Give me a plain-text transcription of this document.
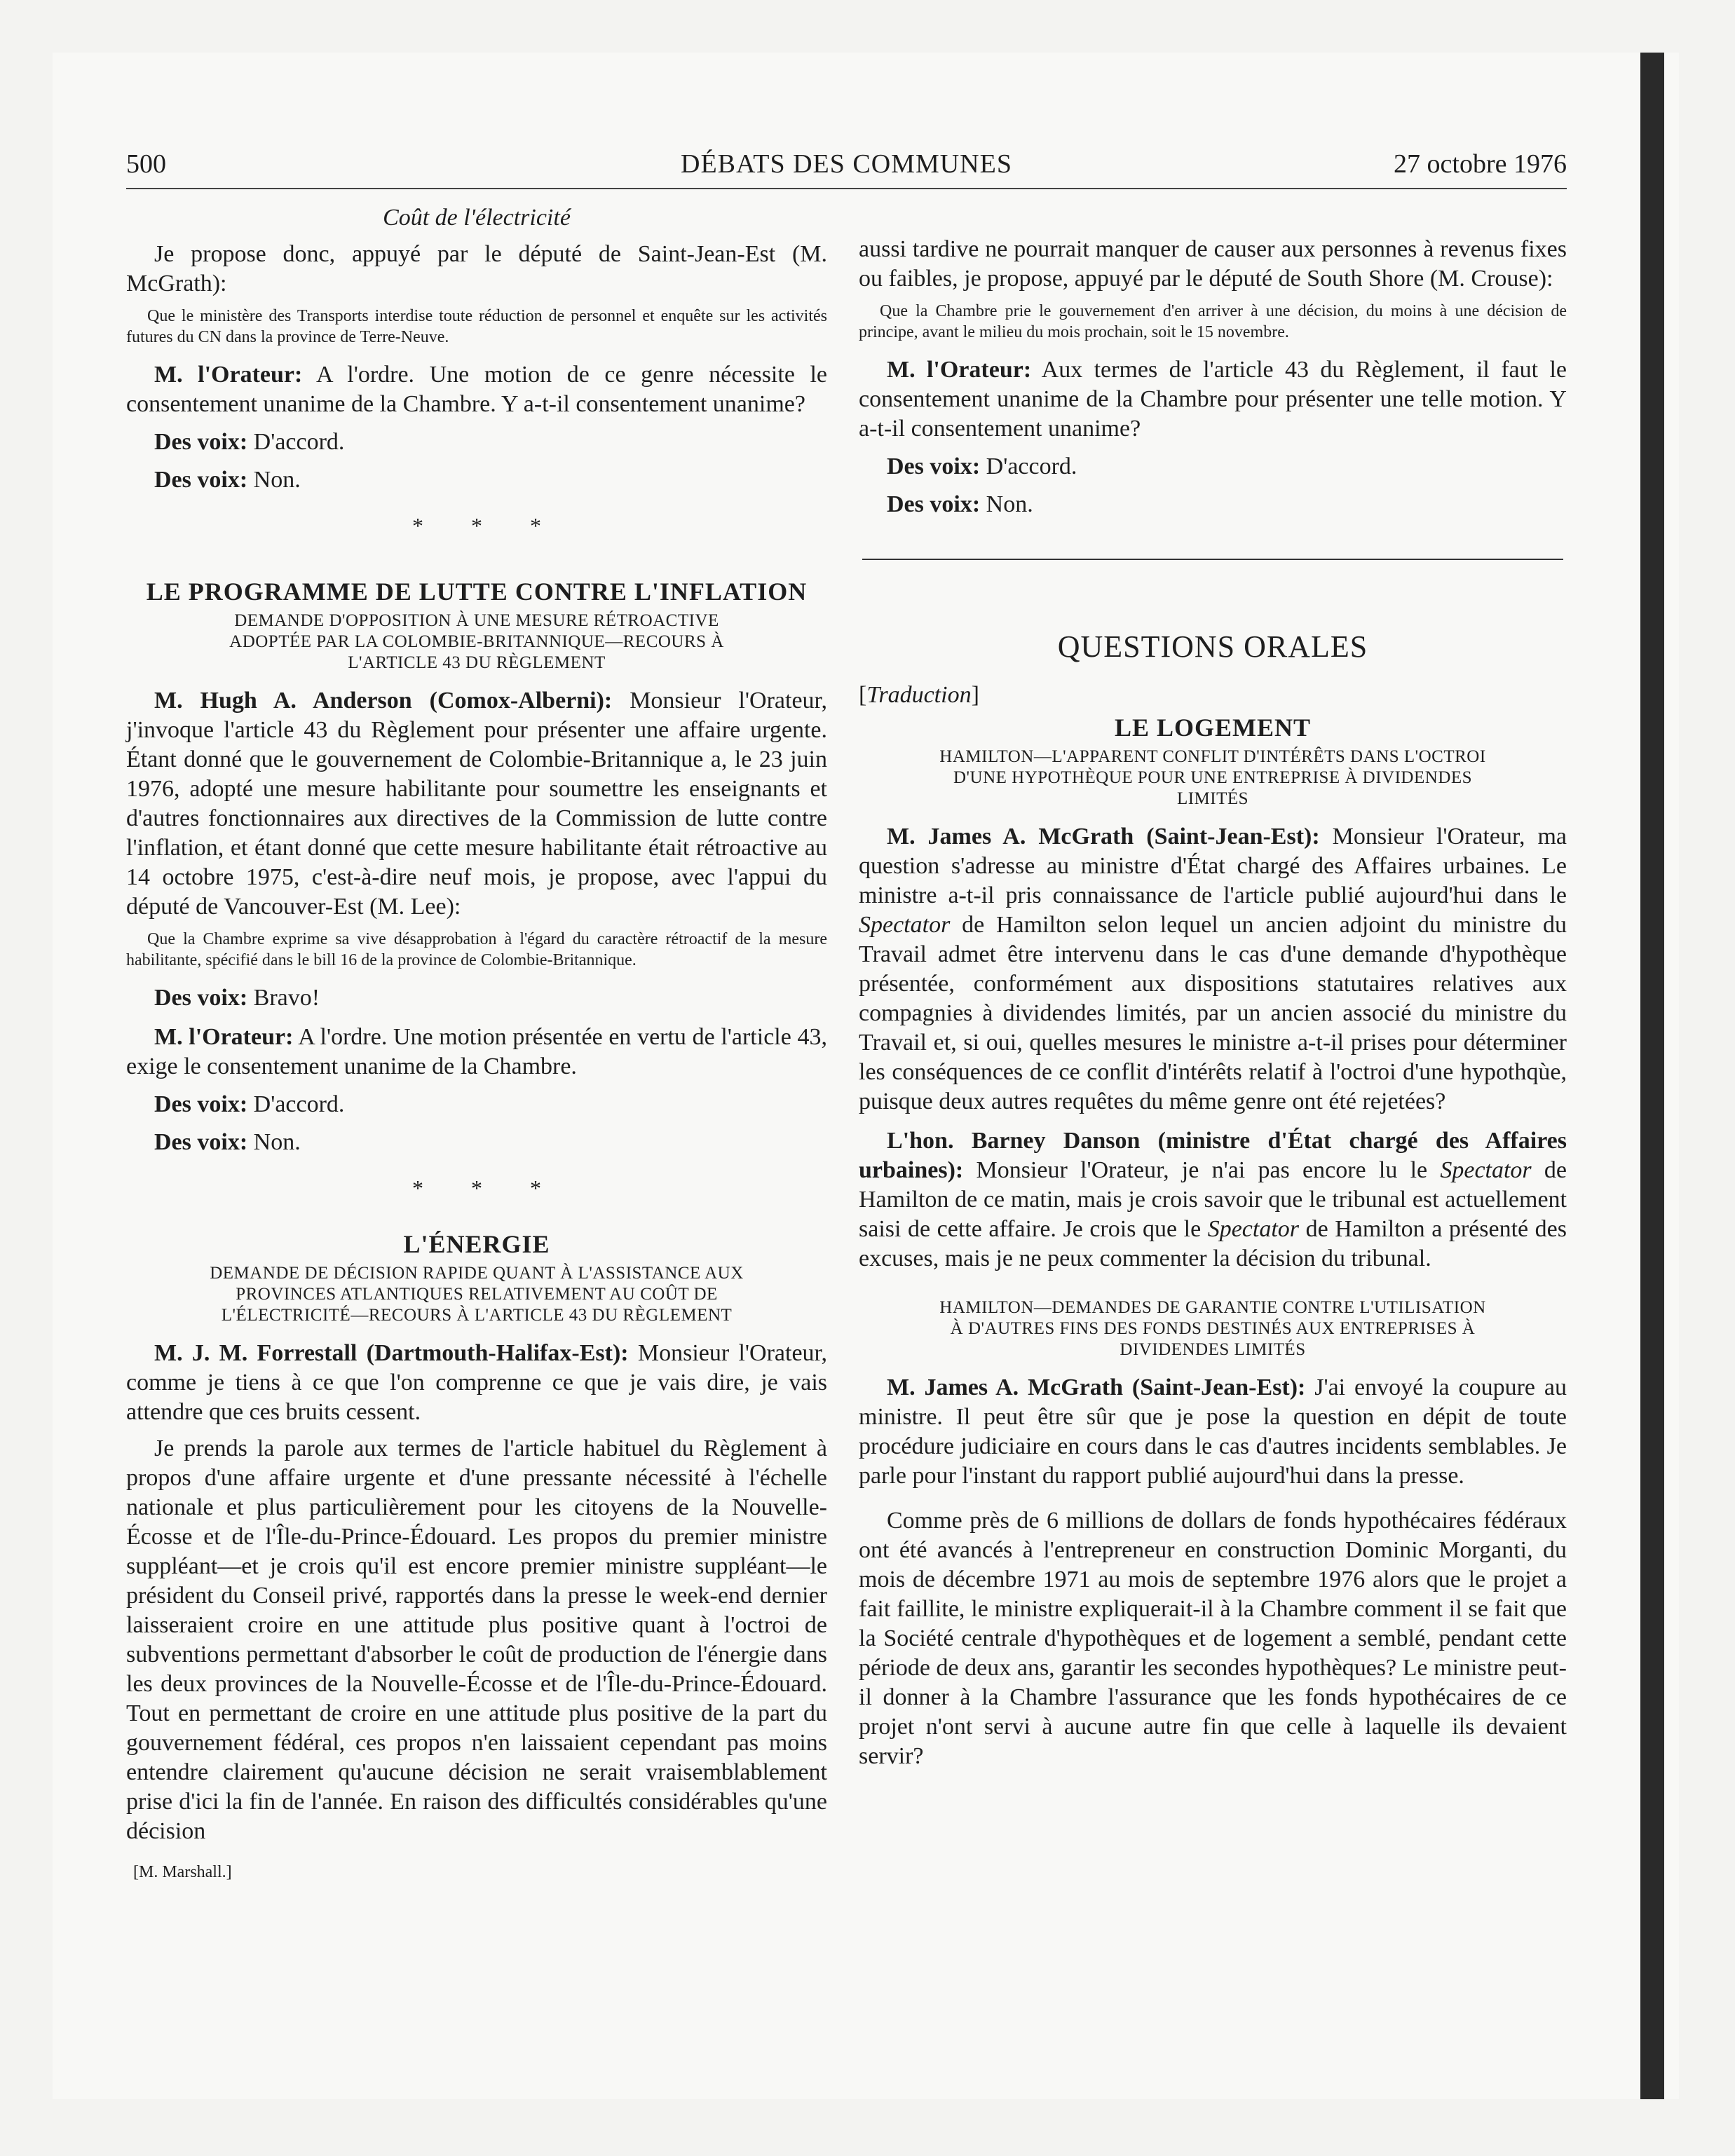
500	DÉBATS DES COMMUNES	27 octobre 1976
Coût de l'électricité

Je propose donc, appuyé par le député de Saint-Jean-Est (M. McGrath):

Que le ministère des Transports interdise toute réduction de personnel et enquête sur les activités futures du CN dans la province de Terre-Neuve.

M. l'Orateur: A l'ordre. Une motion de ce genre nécessite le consentement unanime de la Chambre. Y a-t-il consentement unanime?

Des voix: D'accord.

Des voix: Non.

* * *
LE PROGRAMME DE LUTTE CONTRE L'INFLATION
DEMANDE D'OPPOSITION À UNE MESURE RÉTROACTIVE
ADOPTÉE PAR LA COLOMBIE-BRITANNIQUE—RECOURS À
L'ARTICLE 43 DU RÈGLEMENT

M. Hugh A. Anderson (Comox-Alberni): Monsieur l'Orateur, j'invoque l'article 43 du Règlement pour présenter une affaire urgente. Étant donné que le gouvernement de Colombie-Britannique a, le 23 juin 1976, adopté une mesure habilitante pour soumettre les enseignants et d'autres fonctionnaires aux directives de la Commission de lutte contre l'inflation, et étant donné que cette mesure habilitante était rétroactive au 14 octobre 1975, c'est-à-dire neuf mois, je propose, avec l'appui du député de Vancouver-Est (M. Lee):

Que la Chambre exprime sa vive désapprobation à l'égard du caractère rétroactif de la mesure habilitante, spécifié dans le bill 16 de la province de Colombie-Britannique.

Des voix: Bravo!

M. l'Orateur: A l'ordre. Une motion présentée en vertu de l'article 43, exige le consentement unanime de la Chambre.

Des voix: D'accord.

Des voix: Non.

* * *
L'ÉNERGIE
DEMANDE DE DÉCISION RAPIDE QUANT À L'ASSISTANCE AUX
PROVINCES ATLANTIQUES RELATIVEMENT AU COÛT DE
L'ÉLECTRICITÉ—RECOURS À L'ARTICLE 43 DU RÈGLEMENT

M. J. M. Forrestall (Dartmouth-Halifax-Est): Monsieur l'Orateur, comme je tiens à ce que l'on comprenne ce que je vais dire, je vais attendre que ces bruits cessent.

Je prends la parole aux termes de l'article habituel du Règlement à propos d'une affaire urgente et d'une pressante nécessité à l'échelle nationale et plus particulièrement pour les citoyens de la Nouvelle-Écosse et de l'Île-du-Prince-Édouard. Les propos du premier ministre suppléant—et je crois qu'il est encore premier ministre suppléant—le président du Conseil privé, rapportés dans la presse le week-end dernier laisseraient croire en une attitude plus positive quant à l'octroi de subventions permettant d'absorber le coût de production de l'énergie dans les deux provinces de la Nouvelle-Écosse et de l'Île-du-Prince-Édouard. Tout en permettant de croire en une attitude plus positive de la part du gouvernement fédéral, ces propos n'en laissaient cependant pas moins entendre clairement qu'aucune décision ne serait vraisemblablement prise d'ici la fin de l'année. En raison des difficultés considérables qu'une décision

[M. Marshall.]

aussi tardive ne pourrait manquer de causer aux personnes à revenus fixes ou faibles, je propose, appuyé par le député de South Shore (M. Crouse):

Que la Chambre prie le gouvernement d'en arriver à une décision, du moins à une décision de principe, avant le milieu du mois prochain, soit le 15 novembre.

M. l'Orateur: Aux termes de l'article 43 du Règlement, il faut le consentement unanime de la Chambre pour présenter une telle motion. Y a-t-il consentement unanime?

Des voix: D'accord.

Des voix: Non.

QUESTIONS ORALES
[Traduction]
LE LOGEMENT
HAMILTON—L'APPARENT CONFLIT D'INTÉRÊTS DANS L'OCTROI
D'UNE HYPOTHÈQUE POUR UNE ENTREPRISE À DIVIDENDES
LIMITÉS

M. James A. McGrath (Saint-Jean-Est): Monsieur l'Orateur, ma question s'adresse au ministre d'État chargé des Affaires urbaines. Le ministre a-t-il pris connaissance de l'article publié aujourd'hui dans le Spectator de Hamilton selon lequel un ancien adjoint du ministre du Travail admet être intervenu dans le cas d'une demande d'hypothèque présentée, conformément aux dispositions statutaires relatives aux compagnies à dividendes limités, par un ancien associé du ministre du Travail et, si oui, quelles mesures le ministre a-t-il prises pour déterminer les conséquences de ce conflit d'intérêts relatif à l'octroi d'une hypothqùe, puisque deux autres requêtes du même genre ont été rejetées?

L'hon. Barney Danson (ministre d'État chargé des Affaires urbaines): Monsieur l'Orateur, je n'ai pas encore lu le Spectator de Hamilton de ce matin, mais je crois savoir que le tribunal est actuellement saisi de cette affaire. Je crois que le Spectator de Hamilton a présenté des excuses, mais je ne peux commenter la décision du tribunal.

HAMILTON—DEMANDES DE GARANTIE CONTRE L'UTILISATION
À D'AUTRES FINS DES FONDS DESTINÉS AUX ENTREPRISES À
DIVIDENDES LIMITÉS

M. James A. McGrath (Saint-Jean-Est): J'ai envoyé la coupure au ministre. Il peut être sûr que je pose la question en dépit de toute procédure judiciaire en cours dans le cas d'autres incidents semblables. Je parle pour l'instant du rapport publié aujourd'hui dans la presse.

Comme près de 6 millions de dollars de fonds hypothécaires fédéraux ont été avancés à l'entrepreneur en construction Dominic Morganti, du mois de décembre 1971 au mois de septembre 1976 alors que le projet a fait faillite, le ministre expliquerait-il à la Chambre comment il se fait que la Société centrale d'hypothèques et de logement a semblé, pendant cette période de deux ans, garantir les secondes hypothèques? Le ministre peut-il donner à la Chambre l'assurance que les fonds hypothécaires de ce projet n'ont servi à aucune autre fin que celle à laquelle ils devaient servir?
